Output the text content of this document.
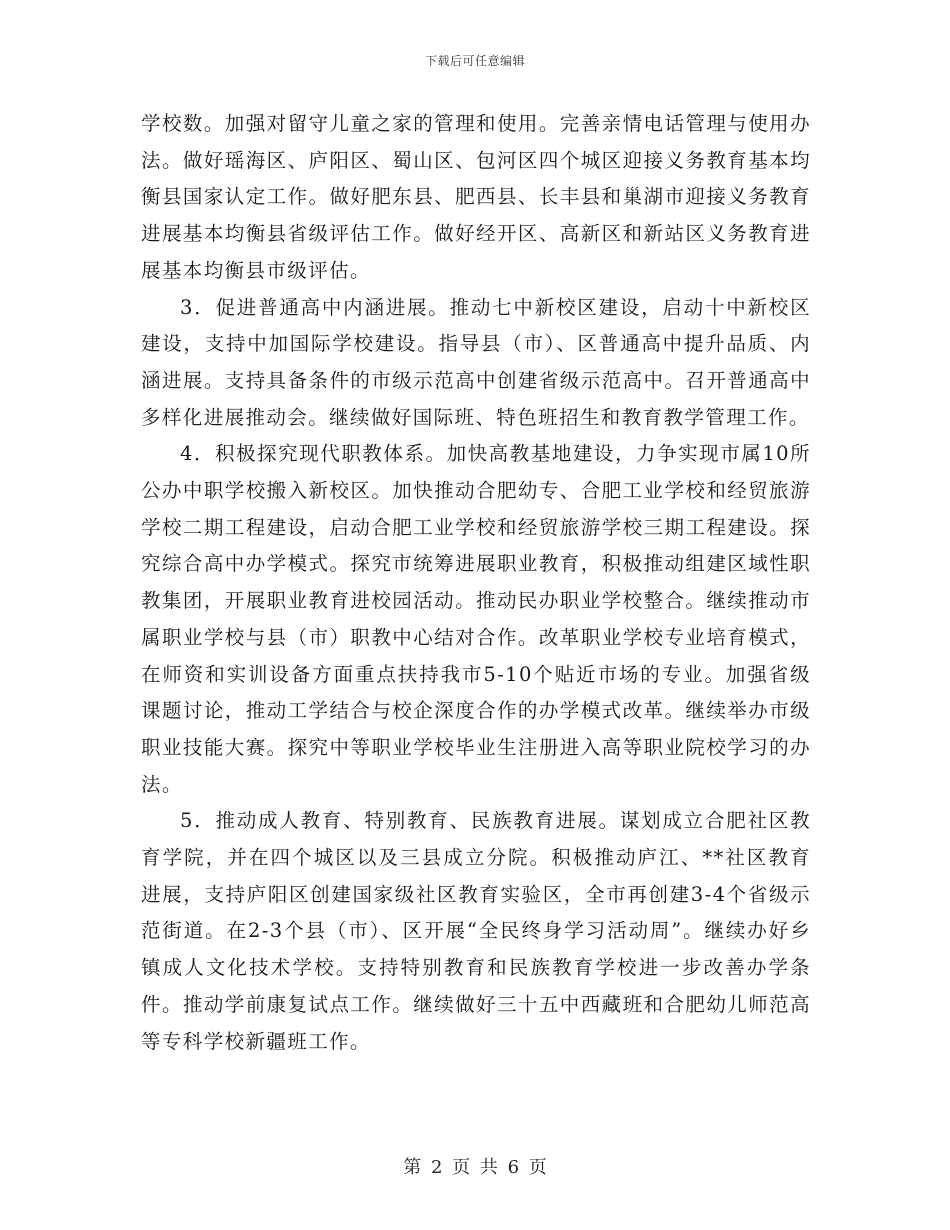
下载后可任意编辑

学校数。加强对留守儿童之家的管理和使用。完善亲情电话管理与使用办法。做好瑶海区、庐阳区、蜀山区、包河区四个城区迎接义务教育基本均衡县国家认定工作。做好肥东县、肥西县、长丰县和巢湖市迎接义务教育进展基本均衡县省级评估工作。做好经开区、高新区和新站区义务教育进展基本均衡县市级评估。

3．促进普通高中内涵进展。推动七中新校区建设，启动十中新校区建设，支持中加国际学校建设。指导县（市）、区普通高中提升品质、内涵进展。支持具备条件的市级示范高中创建省级示范高中。召开普通高中多样化进展推动会。继续做好国际班、特色班招生和教育教学管理工作。

4．积极探究现代职教体系。加快高教基地建设，力争实现市属10所公办中职学校搬入新校区。加快推动合肥幼专、合肥工业学校和经贸旅游学校二期工程建设，启动合肥工业学校和经贸旅游学校三期工程建设。探究综合高中办学模式。探究市统筹进展职业教育，积极推动组建区域性职教集团，开展职业教育进校园活动。推动民办职业学校整合。继续推动市属职业学校与县（市）职教中心结对合作。改革职业学校专业培育模式，在师资和实训设备方面重点扶持我市5-10个贴近市场的专业。加强省级课题讨论，推动工学结合与校企深度合作的办学模式改革。继续举办市级职业技能大赛。探究中等职业学校毕业生注册进入高等职业院校学习的办法。

5．推动成人教育、特别教育、民族教育进展。谋划成立合肥社区教育学院，并在四个城区以及三县成立分院。积极推动庐江、**社区教育进展，支持庐阳区创建国家级社区教育实验区，全市再创建3-4个省级示范街道。在2-3个县（市）、区开展“全民终身学习活动周”。继续办好乡镇成人文化技术学校。支持特别教育和民族教育学校进一步改善办学条件。推动学前康复试点工作。继续做好三十五中西藏班和合肥幼儿师范高等专科学校新疆班工作。

第 2 页 共 6 页
